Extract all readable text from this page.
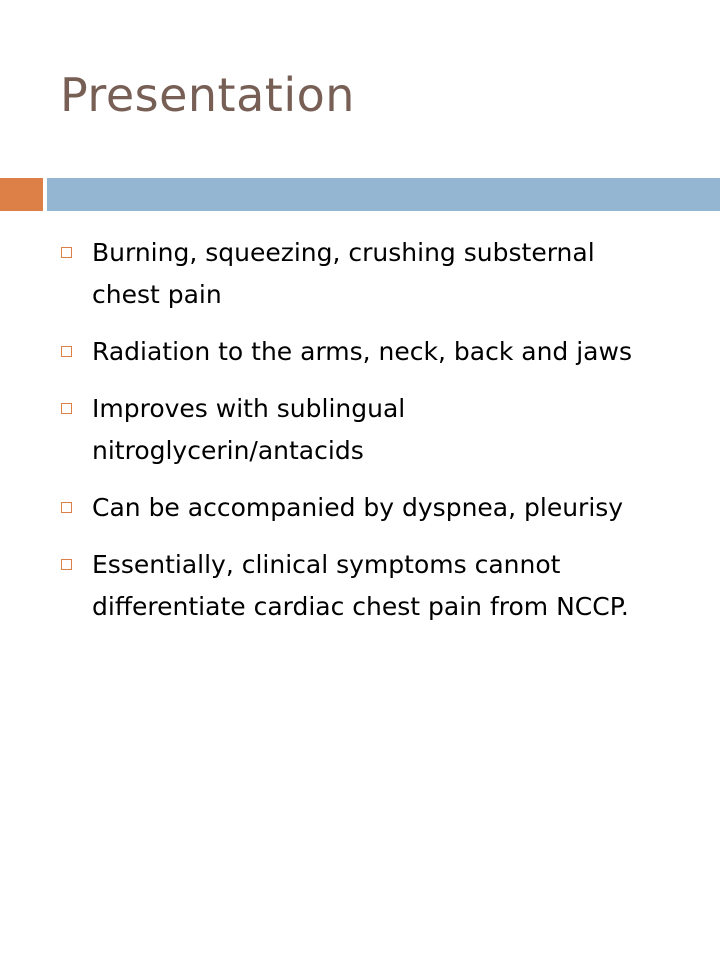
Presentation
Burning, squeezing, crushing substernal chest pain
Radiation to the arms, neck, back and jaws
Improves with sublingual nitroglycerin/antacids
Can be accompanied by dyspnea, pleurisy
Essentially, clinical symptoms cannot differentiate cardiac chest pain from NCCP.
